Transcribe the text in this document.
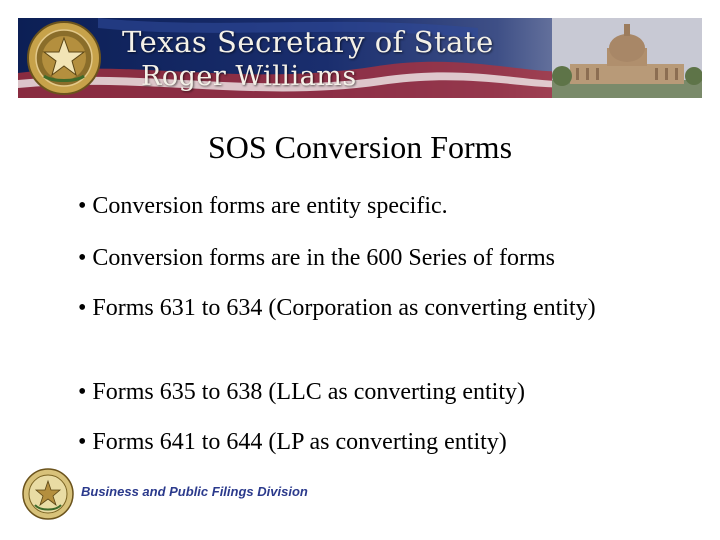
Texas Secretary of State
Roger Williams
SOS Conversion Forms
• Conversion forms are entity specific.
• Conversion forms are in the 600 Series of forms
• Forms 631 to 634 (Corporation as converting entity)
• Forms 635 to 638 (LLC as converting entity)
• Forms 641 to 644 (LP as converting entity)
Business and Public Filings Division
